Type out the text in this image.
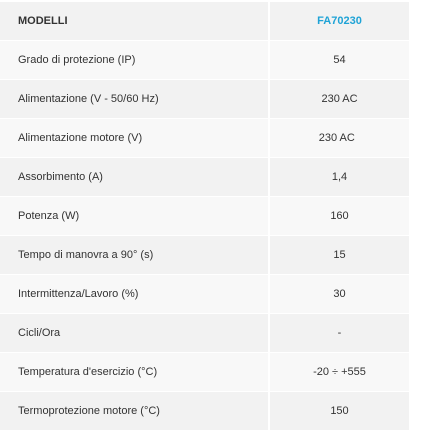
MODELLI	FA70230
Grado di protezione (IP)	54
Alimentazione (V - 50/60 Hz)	230 AC
Alimentazione motore (V)	230 AC 
Assorbimento (A)	1,4
Potenza (W)	160
Tempo di manovra a 90° (s)	15
Intermittenza/Lavoro (%)	30
Cicli/Ora	-
Temperatura d'esercizio (°C)	-20 ÷ +555
Termoprotezione motore (°C)	150
